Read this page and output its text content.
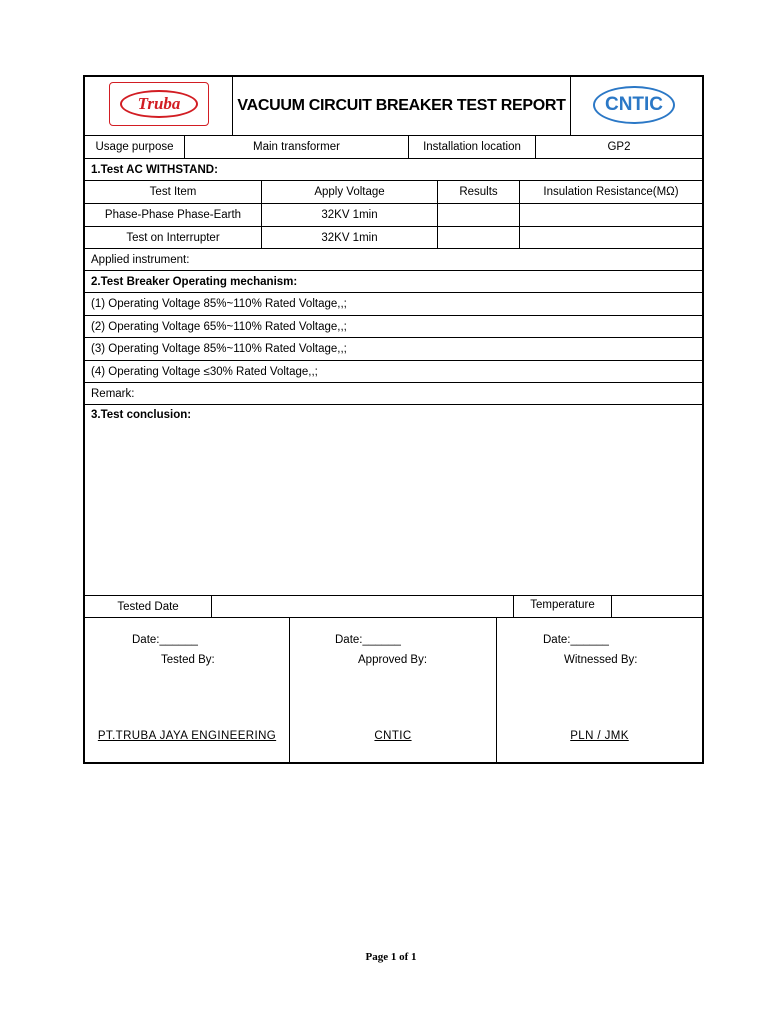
Truba	VACUUM CIRCUIT BREAKER TEST REPORT	CNTIC
Usage purpose	Main transformer	Installation location	GP2
1.Test AC WITHSTAND:
Test Item	Apply Voltage	Results	Insulation Resistance(MΩ)
Phase-Phase Phase-Earth	32KV 1min
Test on Interrupter	32KV 1min
Applied instrument:
2.Test Breaker Operating mechanism:
(1) Operating Voltage 85%~110% Rated Voltage,,;
(2) Operating Voltage 65%~110% Rated Voltage,,;
(3) Operating Voltage 85%~110% Rated Voltage,,;
(4) Operating Voltage ≤30% Rated Voltage,,;
Remark:
3.Test conclusion:
Tested Date	Temperature
Date:______
Tested By:
PT.TRUBA JAYA ENGINEERING
Date:______
Approved By:
CNTIC
Date:______
Witnessed By:
PLN / JMK
Page 1 of 1
